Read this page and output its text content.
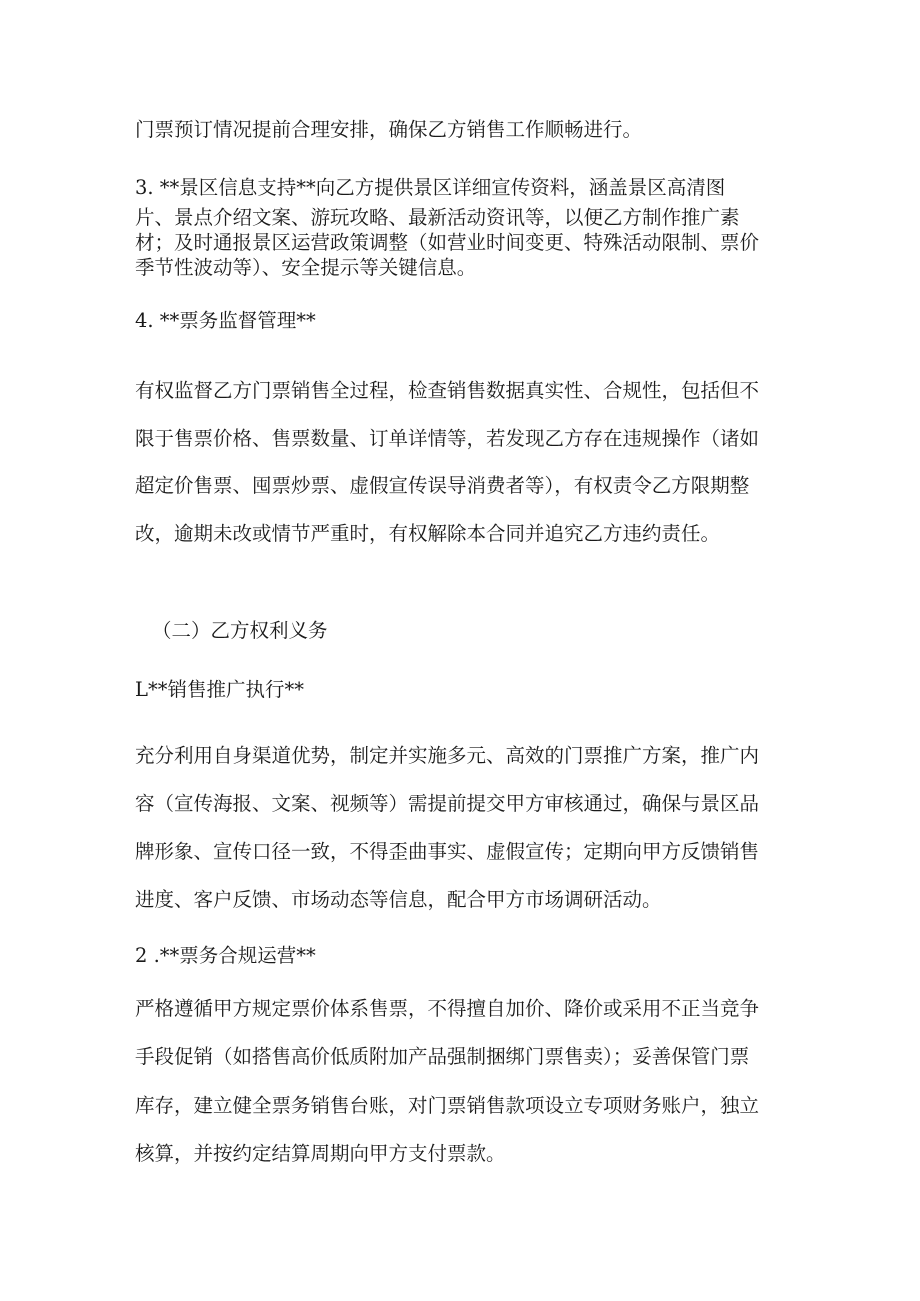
门票预订情况提前合理安排，确保乙方销售工作顺畅进行。
3. **景区信息支持**向乙方提供景区详细宣传资料，涵盖景区高清图
片、景点介绍文案、游玩攻略、最新活动资讯等，以便乙方制作推广素
材；及时通报景区运营政策调整（如营业时间变更、特殊活动限制、票价
季节性波动等）、安全提示等关键信息。
4. **票务监督管理**
有权监督乙方门票销售全过程，检查销售数据真实性、合规性，包括但不
限于售票价格、售票数量、订单详情等，若发现乙方存在违规操作（诸如
超定价售票、囤票炒票、虚假宣传误导消费者等），有权责令乙方限期整
改，逾期未改或情节严重时，有权解除本合同并追究乙方违约责任。
（二）乙方权利义务
L**销售推广执行**
充分利用自身渠道优势，制定并实施多元、高效的门票推广方案，推广内
容（宣传海报、文案、视频等）需提前提交甲方审核通过，确保与景区品
牌形象、宣传口径一致，不得歪曲事实、虚假宣传；定期向甲方反馈销售
进度、客户反馈、市场动态等信息，配合甲方市场调研活动。
2 .**票务合规运营**
严格遵循甲方规定票价体系售票，不得擅自加价、降价或采用不正当竞争
手段促销（如搭售高价低质附加产品强制捆绑门票售卖）；妥善保管门票
库存，建立健全票务销售台账，对门票销售款项设立专项财务账户，独立
核算，并按约定结算周期向甲方支付票款。
